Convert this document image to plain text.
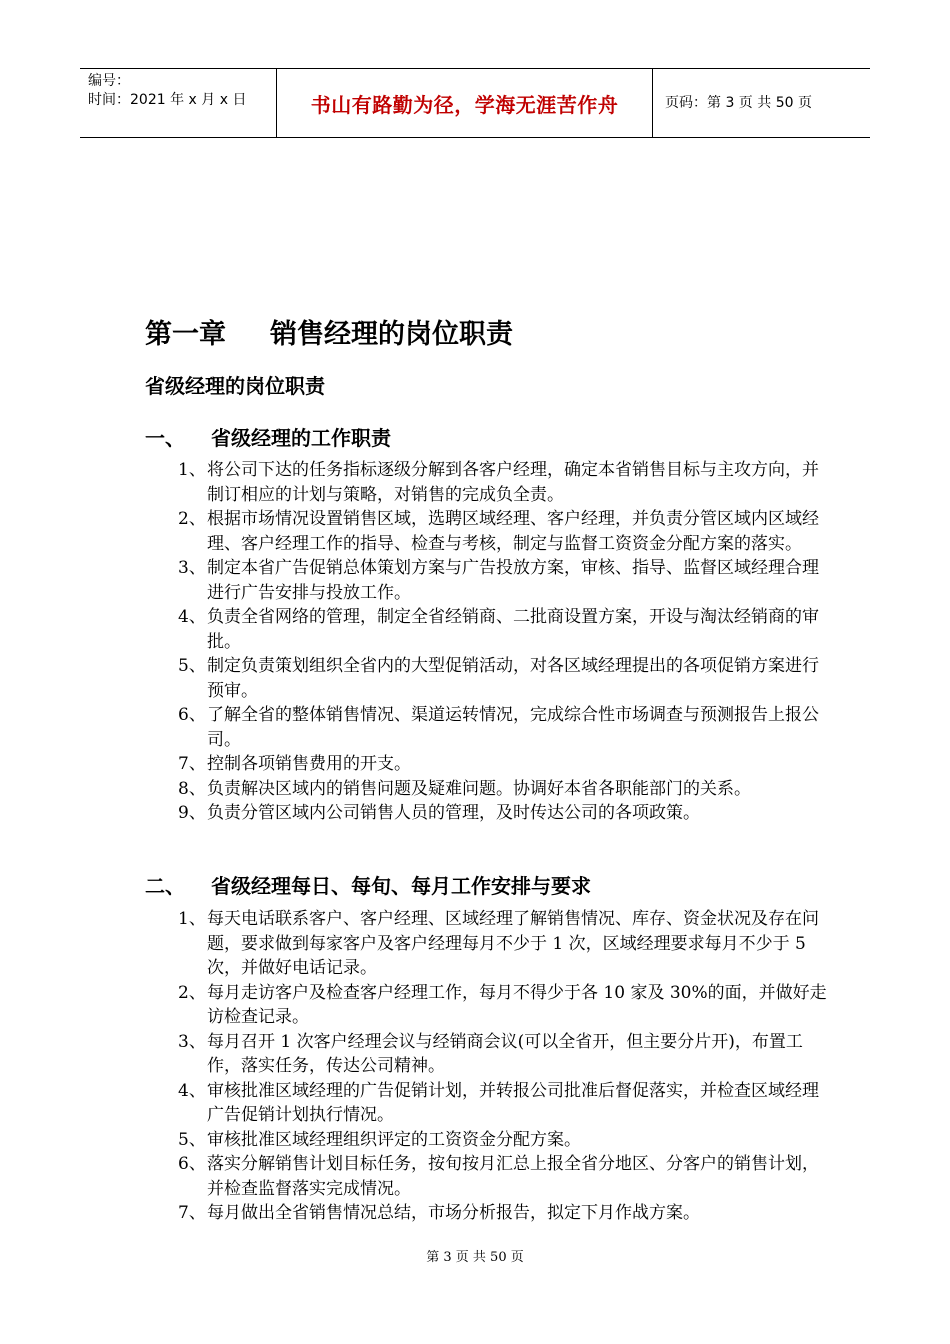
编号：
时间：2021 年 x 月 x 日	书山有路勤为径，学海无涯苦作舟	页码：第 3 页 共 50 页
第一章 销售经理的岗位职责
省级经理的岗位职责
一、 省级经理的工作职责
1、 将公司下达的任务指标逐级分解到各客户经理，确定本省销售目标与主攻方向，并制订相应的计划与策略，对销售的完成负全责。
2、 根据市场情况设置销售区域，选聘区域经理、客户经理，并负责分管区域内区域经理、客户经理工作的指导、检查与考核，制定与监督工资资金分配方案的落实。
3、 制定本省广告促销总体策划方案与广告投放方案，审核、指导、监督区域经理合理进行广告安排与投放工作。
4、 负责全省网络的管理，制定全省经销商、二批商设置方案，开设与淘汰经销商的审批。
5、 制定负责策划组织全省内的大型促销活动，对各区域经理提出的各项促销方案进行预审。
6、 了解全省的整体销售情况、渠道运转情况，完成综合性市场调查与预测报告上报公司。
7、 控制各项销售费用的开支。
8、 负责解决区域内的销售问题及疑难问题。协调好本省各职能部门的关系。
9、 负责分管区域内公司销售人员的管理，及时传达公司的各项政策。
二、 省级经理每日、每旬、每月工作安排与要求
1、 每天电话联系客户、客户经理、区域经理了解销售情况、库存、资金状况及存在问题，要求做到每家客户及客户经理每月不少于 1 次，区域经理要求每月不少于 5 次，并做好电话记录。
2、 每月走访客户及检查客户经理工作，每月不得少于各 10 家及 30%的面，并做好走访检查记录。
3、 每月召开 1 次客户经理会议与经销商会议(可以全省开，但主要分片开)，布置工作，落实任务，传达公司精神。
4、 审核批准区域经理的广告促销计划，并转报公司批准后督促落实，并检查区域经理广告促销计划执行情况。
5、 审核批准区域经理组织评定的工资资金分配方案。
6、 落实分解销售计划目标任务，按旬按月汇总上报全省分地区、分客户的销售计划，并检查监督落实完成情况。
7、 每月做出全省销售情况总结，市场分析报告，拟定下月作战方案。
第 3 页 共 50 页
